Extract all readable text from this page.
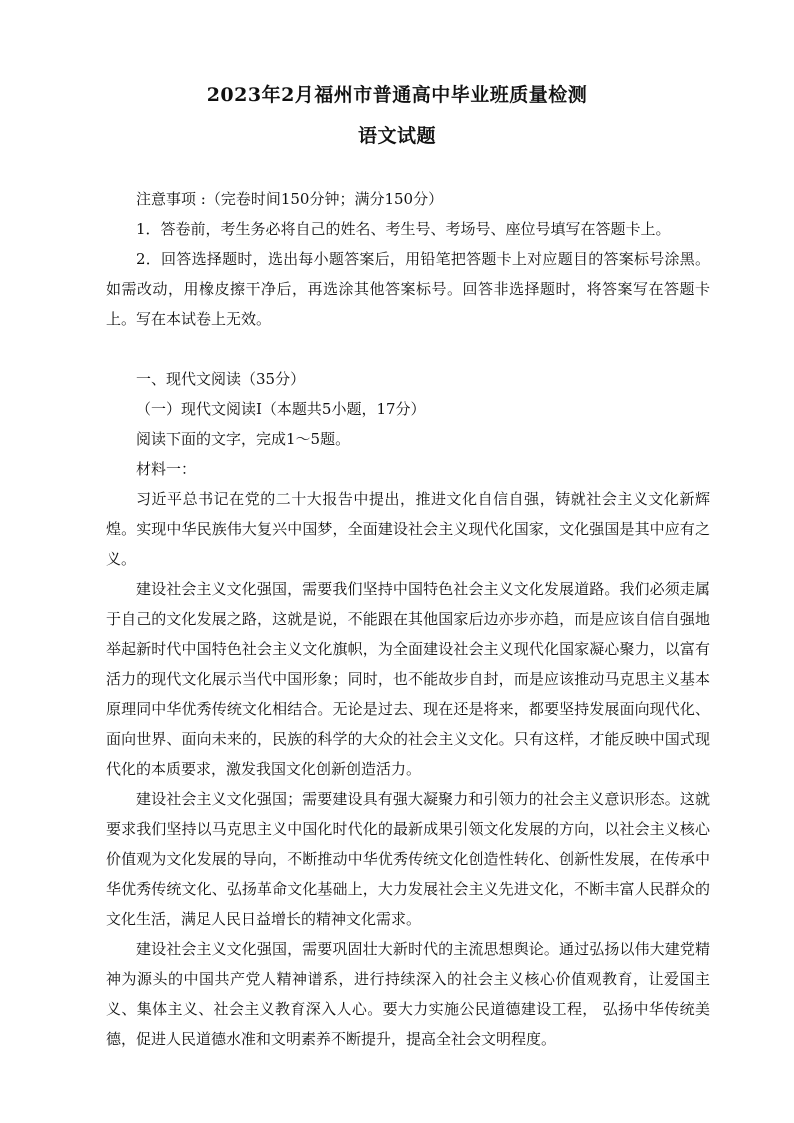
2023年2月福州市普通高中毕业班质量检测
语文试题

注意事项 :（完卷时间150分钟；满分150分）

1．答卷前，考生务必将自己的姓名、考生号、考场号、座位号填写在答题卡上。

2．回答选择题时，选出每小题答案后，用铅笔把答题卡上对应题目的答案标号涂黑。如需改动，用橡皮擦干净后，再选涂其他答案标号。回答非选择题时，将答案写在答题卡上。写在本试卷上无效。

一、现代文阅读（35分）

（一）现代文阅读Ⅰ（本题共5小题，17分）

阅读下面的文字，完成1～5题。

材料一：

习近平总书记在党的二十大报告中提出，推进文化自信自强，铸就社会主义文化新辉煌。实现中华民族伟大复兴中国梦，全面建设社会主义现代化国家，文化强国是其中应有之义。

建设社会主义文化强国，需要我们坚持中国特色社会主义文化发展道路。我们必须走属于自己的文化发展之路，这就是说，不能跟在其他国家后边亦步亦趋，而是应该自信自强地举起新时代中国特色社会主义文化旗帜，为全面建设社会主义现代化国家凝心聚力，以富有活力的现代文化展示当代中国形象；同时，也不能故步自封，而是应该推动马克思主义基本原理同中华优秀传统文化相结合。无论是过去、现在还是将来，都要坚持发展面向现代化、面向世界、面向未来的，民族的科学的大众的社会主义文化。只有这样，才能反映中国式现代化的本质要求，激发我国文化创新创造活力。

建设社会主义文化强国；需要建设具有强大凝聚力和引领力的社会主义意识形态。这就要求我们坚持以马克思主义中国化时代化的最新成果引领文化发展的方向，以社会主义核心价值观为文化发展的导向，不断推动中华优秀传统文化创造性转化、创新性发展，在传承中华优秀传统文化、弘扬革命文化基础上，大力发展社会主义先进文化，不断丰富人民群众的文化生活，满足人民日益增长的精神文化需求。

建设社会主义文化强国，需要巩固壮大新时代的主流思想舆论。通过弘扬以伟大建党精神为源头的中国共产党人精神谱系，进行持续深入的社会主义核心价值观教育，让爱国主义、集体主义、社会主义教育深入人心。要大力实施公民道德建设工程， 弘扬中华传统美德，促进人民道德水准和文明素养不断提升，提高全社会文明程度。
